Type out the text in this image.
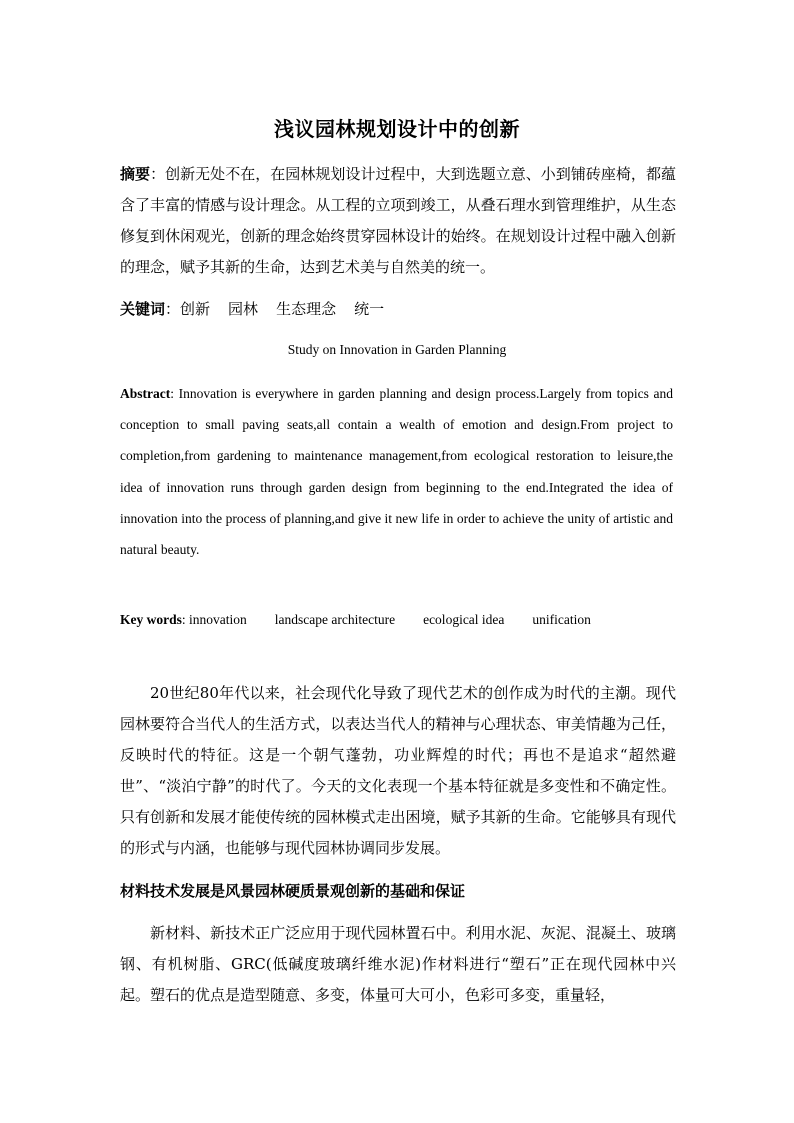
浅议园林规划设计中的创新
摘要：创新无处不在，在园林规划设计过程中，大到选题立意、小到铺砖座椅，都蕴含了丰富的情感与设计理念。从工程的立项到竣工，从叠石理水到管理维护，从生态修复到休闲观光，创新的理念始终贯穿园林设计的始终。在规划设计过程中融入创新的理念，赋予其新的生命，达到艺术美与自然美的统一。
关键词：创新 园林 生态理念 统一
Study on Innovation in Garden Planning
Abstract: Innovation is everywhere in garden planning and design process.Largely from topics and conception to small paving seats,all contain a wealth of emotion and design.From project to completion,from gardening to maintenance management,from ecological restoration to leisure,the idea of innovation runs through garden design from beginning to the end.Integrated the idea of innovation into the process of planning,and give it new life in order to achieve the unity of artistic and natural beauty.
Key words: innovation landscape architecture ecological idea unification
20世纪80年代以来，社会现代化导致了现代艺术的创作成为时代的主潮。现代园林要符合当代人的生活方式，以表达当代人的精神与心理状态、审美情趣为己任，反映时代的特征。这是一个朝气蓬勃，功业辉煌的时代；再也不是追求“超然避世”、“淡泊宁静”的时代了。今天的文化表现一个基本特征就是多变性和不确定性。只有创新和发展才能使传统的园林模式走出困境，赋予其新的生命。它能够具有现代的形式与内涵，也能够与现代园林协调同步发展。
材料技术发展是风景园林硬质景观创新的基础和保证
新材料、新技术正广泛应用于现代园林置石中。利用水泥、灰泥、混凝土、玻璃钢、有机树脂、GRC(低碱度玻璃纤维水泥)作材料进行“塑石”正在现代园林中兴起。塑石的优点是造型随意、多变，体量可大可小，色彩可多变，重量轻，
